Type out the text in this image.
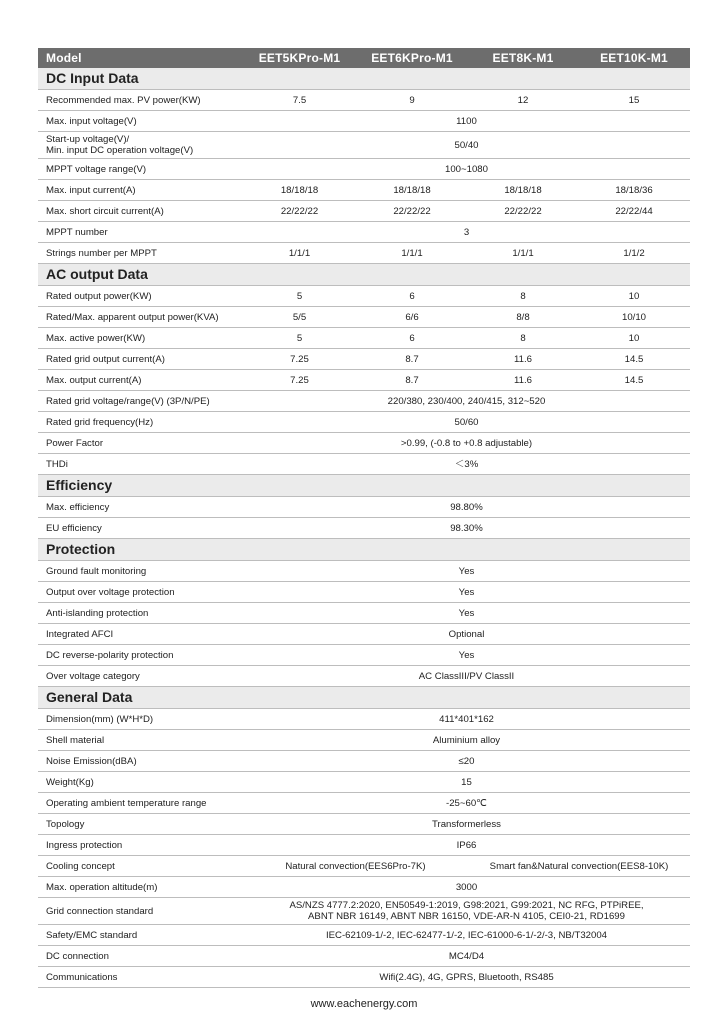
Model	EET5KPro-M1	EET6KPro-M1	EET8K-M1	EET10K-M1
DC Input Data				
Recommended max. PV power(KW)	7.5	9	12	15
Max. input voltage(V)	1100			

Start-up voltage(V)/
Min. input DC operation voltage(V)	50/40			
MPPT voltage range(V)	100~1080			
Max. input current(A)	18/18/18	18/18/18	18/18/18	18/18/36
Max. short circuit current(A)	22/22/22	22/22/22	22/22/22	22/22/44
MPPT number	3			
Strings number per MPPT	1/1/1	1/1/1	1/1/1	1/1/2
AC output Data				
Rated output power(KW)	5	6	8	10
Rated/Max. apparent output power(KVA)	5/5	6/6	8/8	10/10
Max. active power(KW)	5	6	8	10
Rated grid output current(A)	7.25	8.7	11.6	14.5
Max. output current(A)	7.25	8.7	11.6	14.5
Rated grid voltage/range(V) (3P/N/PE)	220/380, 230/400, 240/415, 312~520			
Rated grid frequency(Hz)	50/60			
Power Factor	>0.99, (-0.8 to +0.8 adjustable)			
THDi	＜3%			
Efficiency				
Max. efficiency	98.80%			
EU efficiency	98.30%			
Protection				
Ground fault monitoring	Yes			
Output over voltage protection	Yes			
Anti-islanding protection	Yes			
Integrated AFCI	Optional			
DC reverse-polarity protection	Yes			
Over voltage category	AC ClassIII/PV ClassII			
General Data				
Dimension(mm) (W*H*D)	411*401*162			
Shell material	Aluminium alloy			
Noise Emission(dBA)	≤20			
Weight(Kg)	15			
Operating ambient temperature range	-25~60℃			
Topology	Transformerless			
Ingress protection	IP66			
Cooling concept	Natural convection(EES6Pro-7K)		Smart fan&Natural convection(EES8-10K)	
Max. operation altitude(m)	3000			
Grid connection standard	AS/NZS 4777.2:2020, EN50549-1:2019, G98:2021, G99:2021, NC RFG, PTPiREE,
ABNT NBR 16149, ABNT NBR 16150, VDE-AR-N 4105, CEI0-21, RD1699			

Safety/EMC standard	IEC-62109-1/-2, IEC-62477-1/-2, IEC-61000-6-1/-2/-3, NB/T32004			
DC connection	MC4/D4			
Communications	Wifi(2.4G), 4G, GPRS, Bluetooth, RS485			
www.eachenergy.com
